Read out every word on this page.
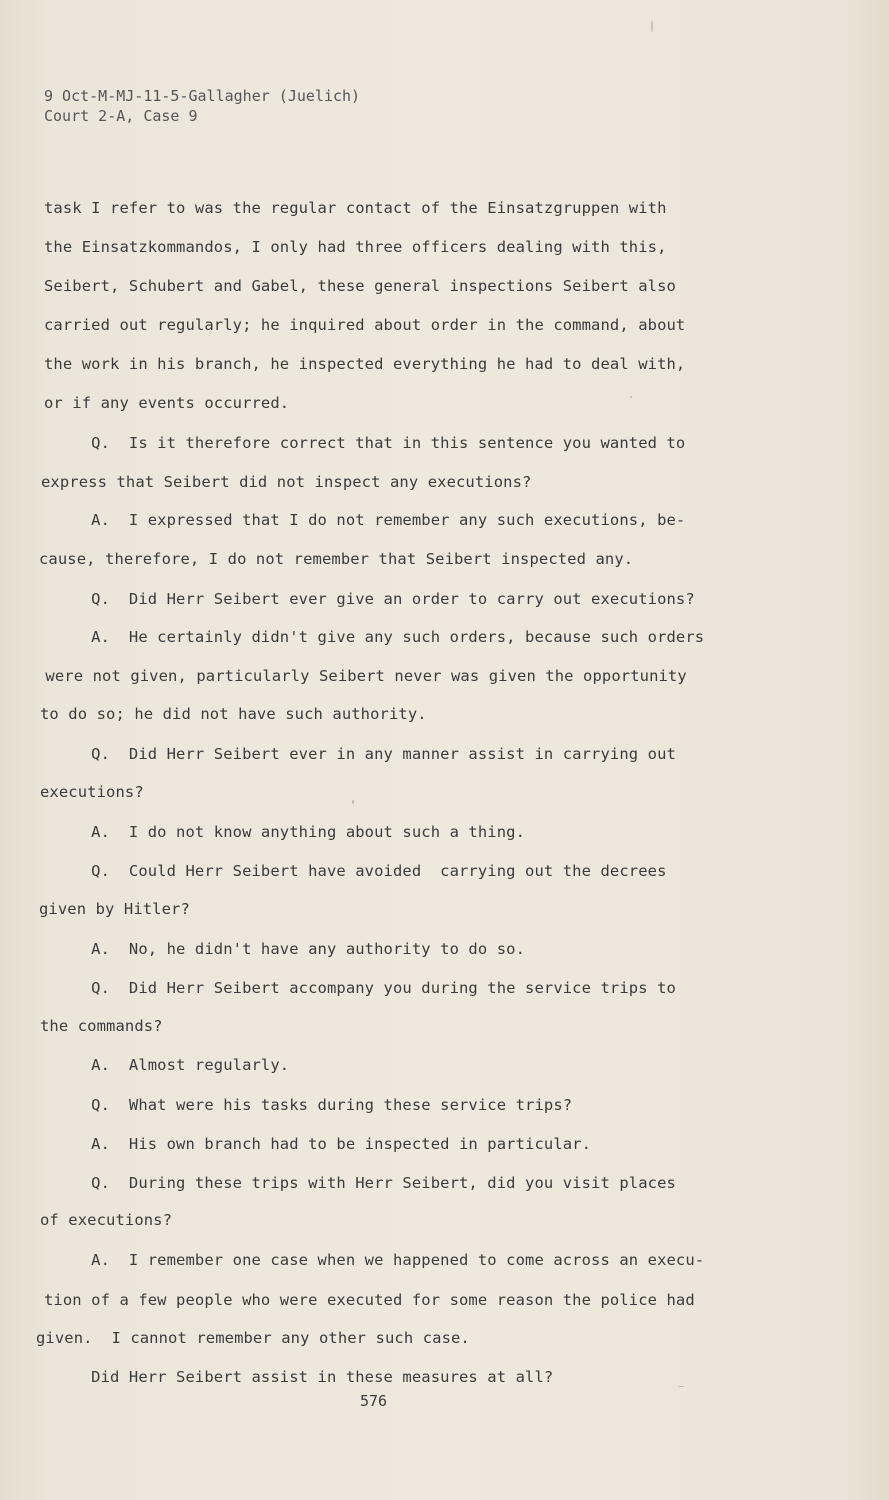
9 Oct-M-MJ-11-5-Gallagher (Juelich)
Court 2-A, Case 9
task I refer to was the regular contact of the Einsatzgruppen with
the Einsatzkommandos, I only had three officers dealing with this,
Seibert, Schubert and Gabel, these general inspections Seibert also
carried out regularly; he inquired about order in the command, about
the work in his branch, he inspected everything he had to deal with,
or if any events occurred.
Q.  Is it therefore correct that in this sentence you wanted to
express that Seibert did not inspect any executions?
A.  I expressed that I do not remember any such executions, be-
cause, therefore, I do not remember that Seibert inspected any.
Q.  Did Herr Seibert ever give an order to carry out executions?
A.  He certainly didn't give any such orders, because such orders
were not given, particularly Seibert never was given the opportunity
to do so; he did not have such authority.
Q.  Did Herr Seibert ever in any manner assist in carrying out
executions?
A.  I do not know anything about such a thing.
Q.  Could Herr Seibert have avoided  carrying out the decrees
given by Hitler?
A.  No, he didn't have any authority to do so.
Q.  Did Herr Seibert accompany you during the service trips to
the commands?
A.  Almost regularly.
Q.  What were his tasks during these service trips?
A.  His own branch had to be inspected in particular.
Q.  During these trips with Herr Seibert, did you visit places
of executions?
A.  I remember one case when we happened to come across an execu-
tion of a few people who were executed for some reason the police had
given.  I cannot remember any other such case.
Did Herr Seibert assist in these measures at all?
576
